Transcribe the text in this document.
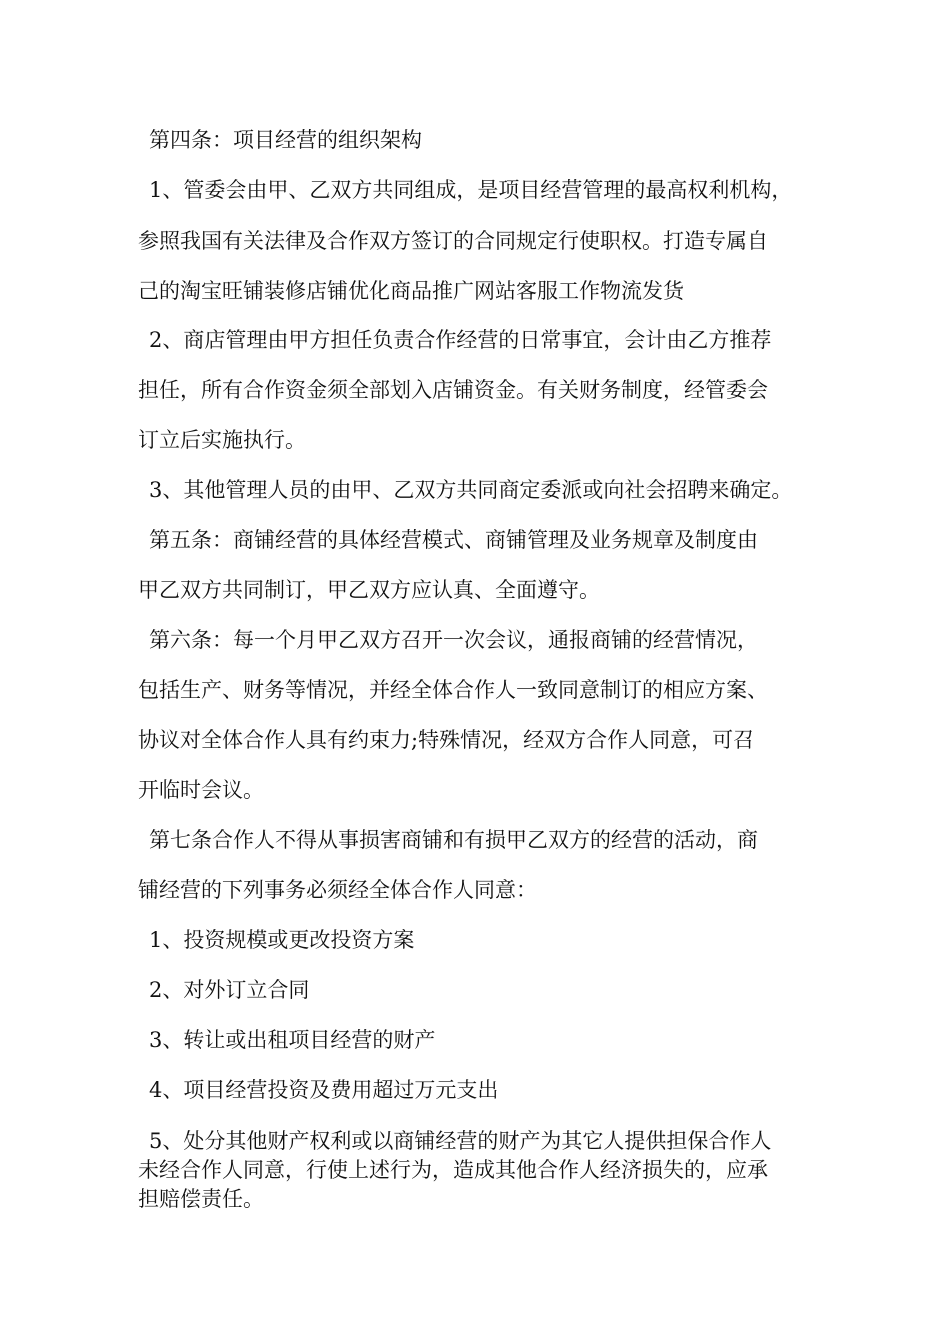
第四条：项目经营的组织架构
1、管委会由甲、乙双方共同组成，是项目经营管理的最高权利机构，
参照我国有关法律及合作双方签订的合同规定行使职权。打造专属自
己的淘宝旺铺装修店铺优化商品推广网站客服工作物流发货
2、商店管理由甲方担任负责合作经营的日常事宜，会计由乙方推荐
担任，所有合作资金须全部划入店铺资金。有关财务制度，经管委会
订立后实施执行。
3、其他管理人员的由甲、乙双方共同商定委派或向社会招聘来确定。
第五条：商铺经营的具体经营模式、商铺管理及业务规章及制度由
甲乙双方共同制订，甲乙双方应认真、全面遵守。
第六条：每一个月甲乙双方召开一次会议，通报商铺的经营情况，
包括生产、财务等情况，并经全体合作人一致同意制订的相应方案、
协议对全体合作人具有约束力;特殊情况，经双方合作人同意，可召
开临时会议。
第七条合作人不得从事损害商铺和有损甲乙双方的经营的活动，商
铺经营的下列事务必须经全体合作人同意：
1、投资规模或更改投资方案
2、对外订立合同
3、转让或出租项目经营的财产
4、项目经营投资及费用超过万元支出
5、处分其他财产权利或以商铺经营的财产为其它人提供担保合作人
未经合作人同意，行使上述行为，造成其他合作人经济损失的，应承
担赔偿责任。
